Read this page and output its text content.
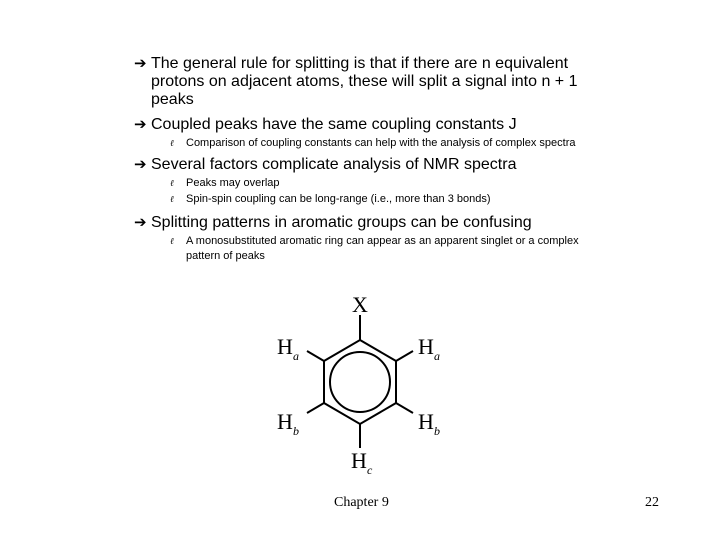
➔ The general rule for splitting is that if there are n equivalent
protons on adjacent atoms, these will split a signal into n + 1
peaks
➔ Coupled peaks have the same coupling constants J
ℓ Comparison of coupling constants can help with the analysis of complex spectra
➔ Several factors complicate analysis of NMR spectra
ℓ Peaks may overlap
ℓ Spin-spin coupling can be long-range (i.e., more than 3 bonds)
➔ Splitting patterns in aromatic groups can be confusing
ℓ A monosubstituted aromatic ring can appear as an apparent singlet or a complex
pattern of peaks
X
H a	H a
H b	H b
H c
Chapter 9	22
